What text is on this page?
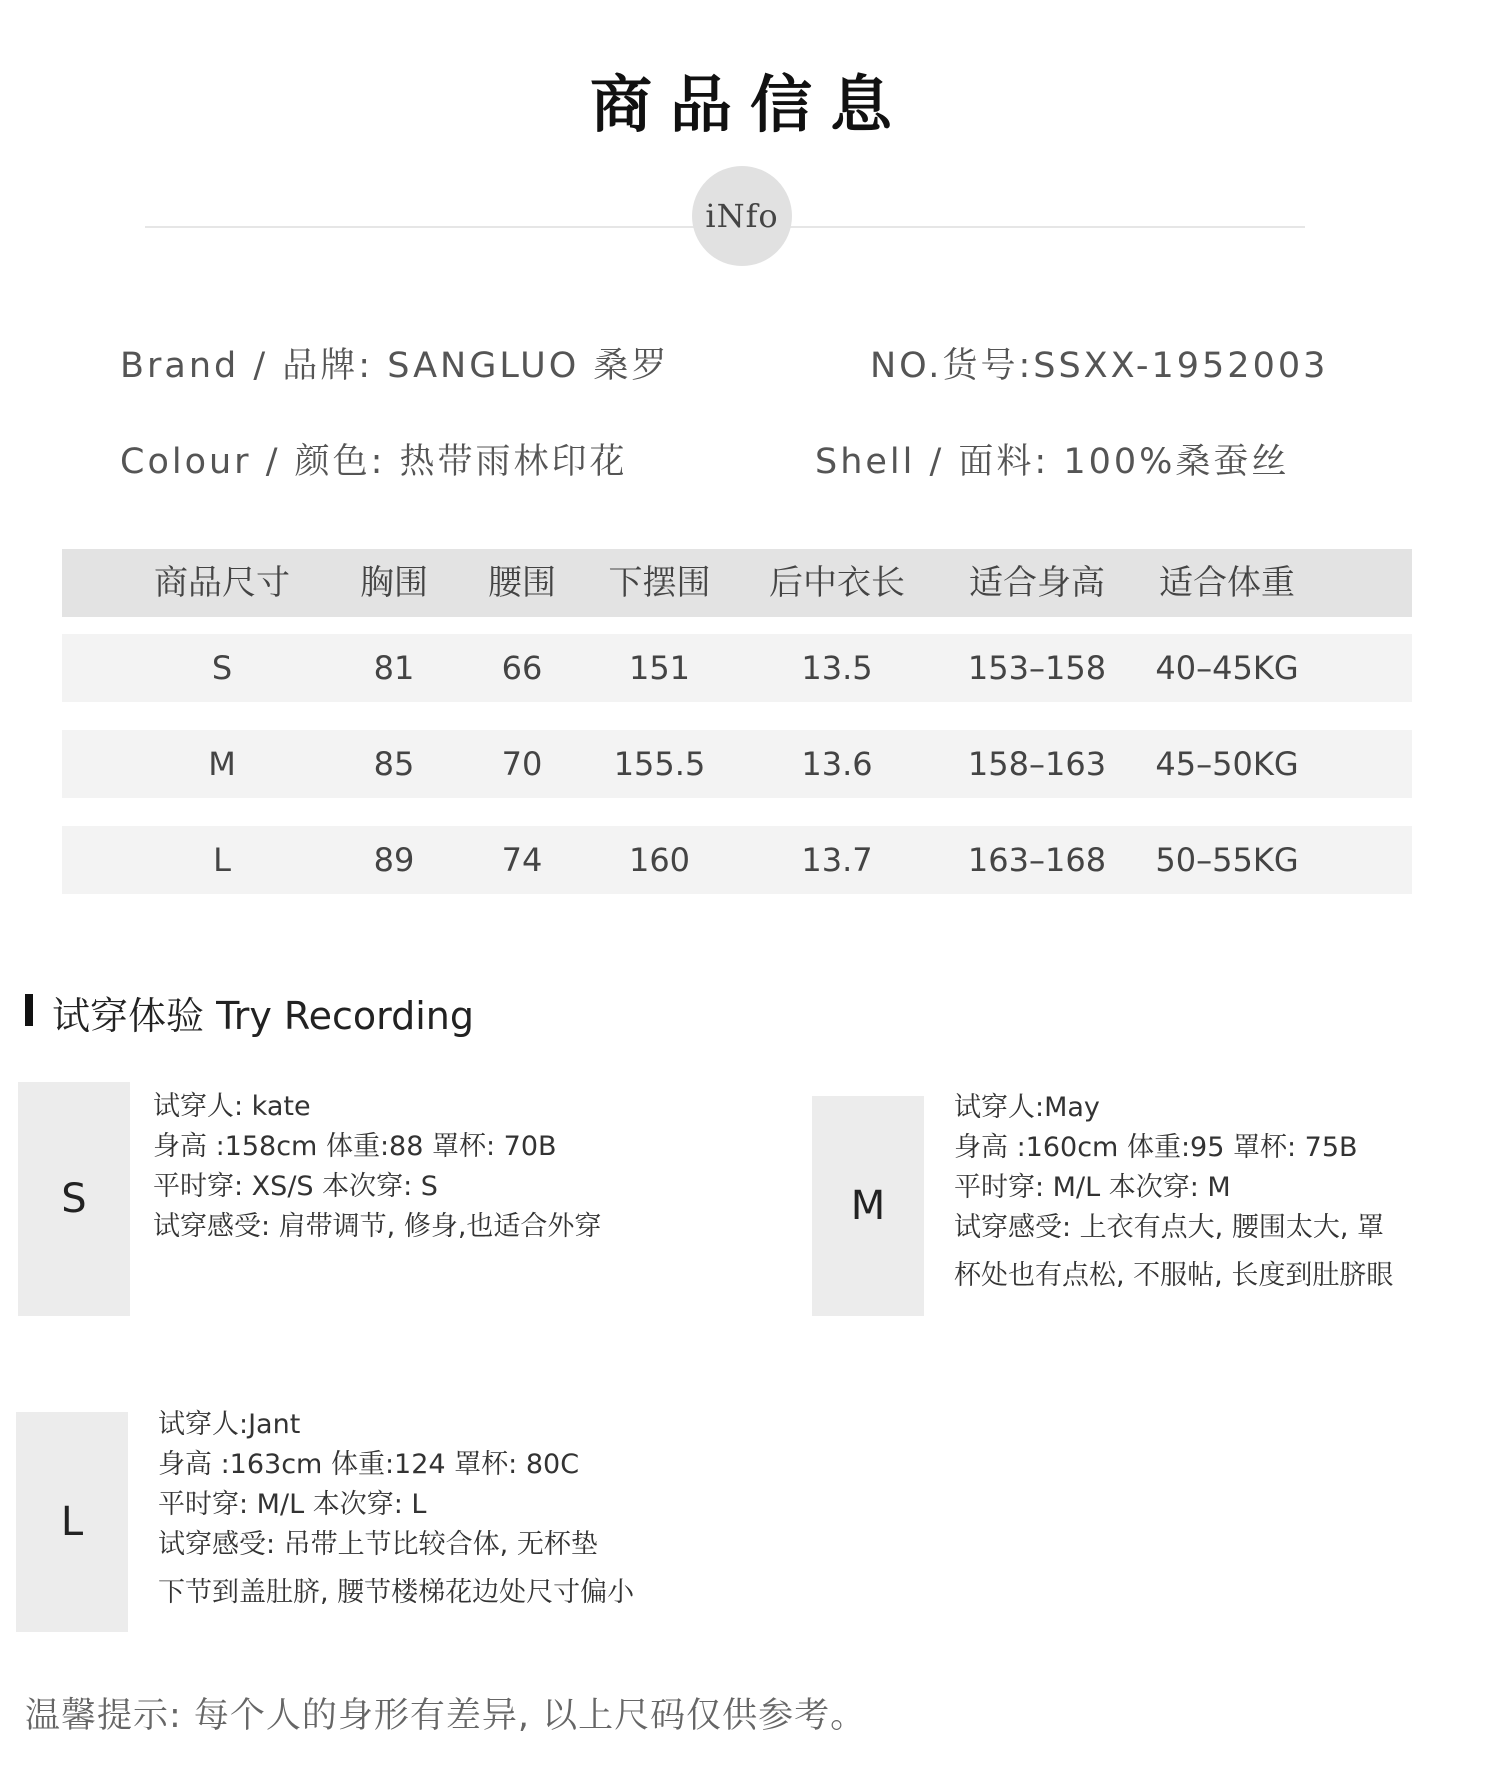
商品信息
iNfo
Brand / 品牌: SANGLUO 桑罗	NO.货号:SSXX-1952003
Colour / 颜色: 热带雨林印花	Shell / 面料: 100%桑蚕丝
商品尺寸	胸围	腰围	下摆围	后中衣长	适合身高	适合体重
S	81	66	151	13.5	153–158	40–45KG
M	85	70	155.5	13.6	158–163	45–50KG
L	89	74	160	13.7	163–168	50–55KG
试穿体验 Try Recording
S
试穿人: kate
身高 :158cm 体重:88 罩杯: 70B
平时穿: XS/S 本次穿: S
试穿感受: 肩带调节, 修身,也适合外穿	M
试穿人:May
身高 :160cm 体重:95 罩杯: 75B
平时穿: M/L 本次穿: M
试穿感受: 上衣有点大, 腰围太大, 罩
杯处也有点松, 不服帖, 长度到肚脐眼
L
试穿人:Jant
身高 :163cm 体重:124 罩杯: 80C
平时穿: M/L 本次穿: L
试穿感受: 吊带上节比较合体, 无杯垫
下节到盖肚脐, 腰节楼梯花边处尺寸偏小
温馨提示: 每个人的身形有差异, 以上尺码仅供参考。
